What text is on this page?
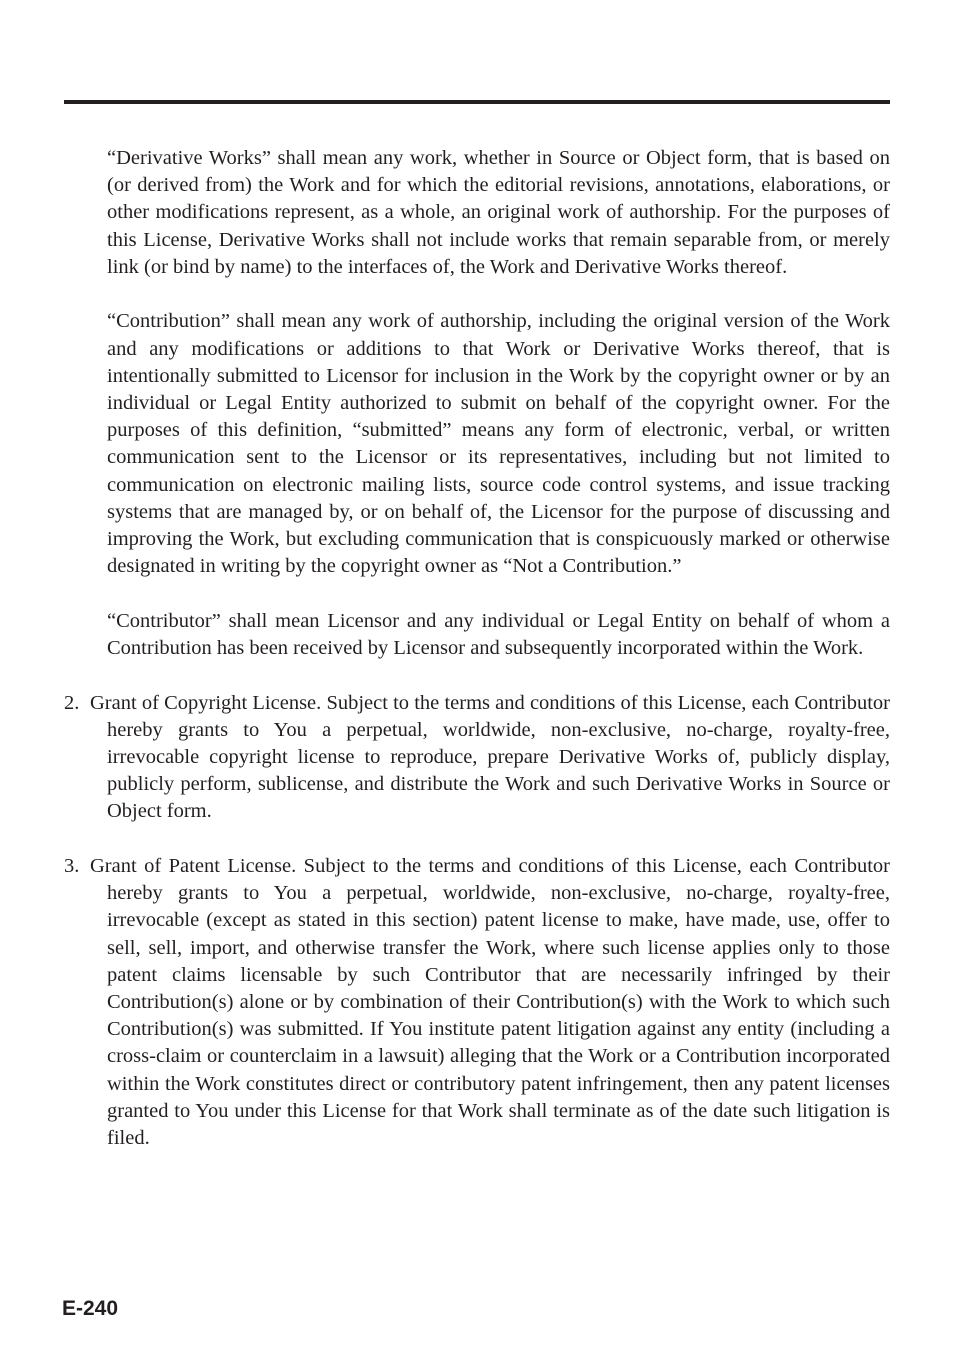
“Derivative Works” shall mean any work, whether in Source or Object form, that is based on (or derived from) the Work and for which the editorial revisions, annotations, elaborations, or other modifications represent, as a whole, an original work of authorship. For the purposes of this License, Derivative Works shall not include works that remain separable from, or merely link (or bind by name) to the interfaces of, the Work and Derivative Works thereof.

“Contribution” shall mean any work of authorship, including the original version of the Work and any modifications or additions to that Work or Derivative Works thereof, that is intentionally submitted to Licensor for inclusion in the Work by the copyright owner or by an individual or Legal Entity authorized to submit on behalf of the copyright owner. For the purposes of this definition, “submitted” means any form of electronic, verbal, or written communication sent to the Licensor or its representatives, including but not limited to communication on electronic mailing lists, source code control systems, and issue tracking systems that are managed by, or on behalf of, the Licensor for the purpose of discussing and improving the Work, but excluding communication that is conspicuously marked or otherwise designated in writing by the copyright owner as “Not a Contribution.”

“Contributor” shall mean Licensor and any individual or Legal Entity on behalf of whom a Contribution has been received by Licensor and subsequently incorporated within the Work.

2. Grant of Copyright License. Subject to the terms and conditions of this License, each Contributor hereby grants to You a perpetual, worldwide, non-exclusive, no-charge, royalty-free, irrevocable copyright license to reproduce, prepare Derivative Works of, publicly display, publicly perform, sublicense, and distribute the Work and such Derivative Works in Source or Object form.

3. Grant of Patent License. Subject to the terms and conditions of this License, each Contributor hereby grants to You a perpetual, worldwide, non-exclusive, no-charge, royalty-free, irrevocable (except as stated in this section) patent license to make, have made, use, offer to sell, sell, import, and otherwise transfer the Work, where such license applies only to those patent claims licensable by such Contributor that are necessarily infringed by their Contribution(s) alone or by combination of their Contribution(s) with the Work to which such Contribution(s) was submitted. If You institute patent litigation against any entity (including a cross-claim or counterclaim in a lawsuit) alleging that the Work or a Contribution incorporated within the Work constitutes direct or contributory patent infringement, then any patent licenses granted to You under this License for that Work shall terminate as of the date such litigation is filed.

E-240
